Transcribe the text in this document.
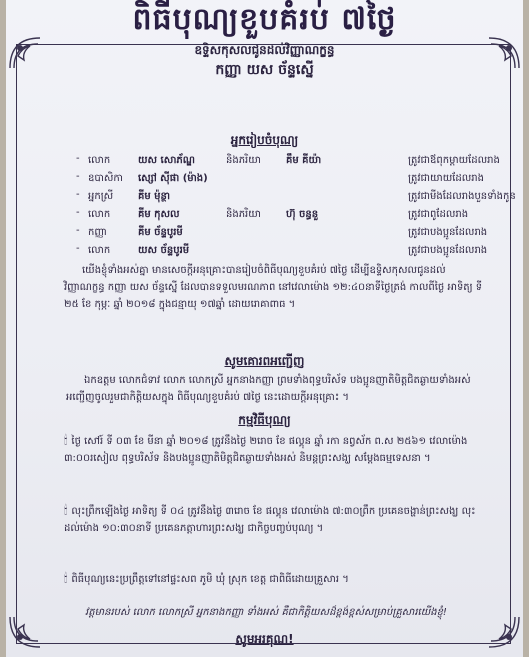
ពិធីបុណ្យខួបគំរប់ ៧ថ្ងៃ
ឧទ្ទិសកុសលជូនដល់វិញ្ញាណក្ខន្ធ
កញ្ញា យស ច័ន្ទស្នើ
អ្នករៀបចំបុណ្យ
- លោក	យស សោភ័ណ្ឌ	និងភរិយា	គឹម គីយ៉ា	ត្រូវជាឪពុកម្តាយដែលរាង
- ឧបាសិកា ស្សៅ ស៊ីផា (ម៉ាង)	ត្រូវជាយាយដែលរាង
- អ្នកស្រី គីម ម៉ុន្ថា	ត្រូវជាមីងដែលរាងបួនទាំងកូន
- លោក	គីម កុសល	និងភរិយា	ហ៊ុ ចន្ធនួ	ត្រូវជាពូដែលរាង
- កញ្ញា	គីម ច័ន្ទបូរមី	ត្រូវជាបងប្អូនដែលរាង
- លោក	យស ច័ន្ទបូរមី	ត្រូវជាបងប្អូនដែលរាង
យើងខ្ញុំទាំងអស់គ្នា មានសេចក្តីអនុគ្រោះបានរៀបចំពិធីបុណ្យខួបគំរប់ ៧ថ្ងៃ ដើម្បីឧទ្ទិសកុសលជូនដល់វិញ្ញាណក្ខន្ធ កញ្ញា យស ច័ន្ទស្នើ ដែលបានទទួលមរណភាព នៅវេលាម៉ោង ១២:៤០នាទីថ្ងៃត្រង់ កាលពីថ្ងៃ អាទិត្យ ទី ២៥ ខែ កុម្ភៈ ឆ្នាំ ២០១៨ ក្នុងជន្មាយុ ១៧ឆ្នាំ ដោយរោគាពាធ ។
សូមគោរពអញ្ជើញ
ឯកឧត្តម លោកជំទាវ លោក លោកស្រី អ្នកនាងកញ្ញា ព្រមទាំងពុទ្ធបរិស័ទ បងប្អូនញាតិមិត្តជិតឆ្ងាយទាំងអស់ អញ្ជើញចូលរួមជាកិត្តិយសក្នុង ពិធីបុណ្យខួបគំរប់ ៧ថ្ងៃ នេះដោយក្តីអនុគ្រោះ ។
កម្មវិធីបុណ្យ
🕯 ថ្ងៃ សៅរ៍ ទី ០៣ ខែ មីនា ឆ្នាំ ២០១៨ ត្រូវនឹងថ្ងៃ ២រោច ខែ ផល្គុន ឆ្នាំ រកា នព្វស័ក ព.ស ២៥៦១ វេលាម៉ោង ៣:០០រសៀល ពុទ្ធបរិស័ទ និងបងប្អូនញាតិមិត្តជិតឆ្ងាយទាំងអស់ និមន្តព្រះសង្ឃ សម្តែងធម្មទេសនា ។
🕯 លុះព្រឹកឡើងថ្ងៃ អាទិត្យ ទី ០៤ ត្រូវនឹងថ្ងៃ ៣រោច ខែ ផល្គុន វេលាម៉ោង ៧:៣០ព្រឹក ប្រគេនចង្ហាន់ព្រះសង្ឃ លុះដល់ម៉ោង ១០:៣០នាទី ប្រគេនភត្តាហារព្រះសង្ឃ ជាកិច្ចបញ្ចប់បុណ្យ ។
🕯 ពិធីបុណ្យនេះប្រព្រឹត្តទៅនៅផ្ទះសព ភូមិ ឃុំ ស្រុក ខេត្ត ជាពិធីដោយគ្រួសារ ។
វត្តមានរបស់ លោក លោកស្រី អ្នកនាងកញ្ញា ទាំងអស់ គឺជាកិត្តិយសដ៏ខ្ពង់ខ្ពស់សម្រាប់គ្រួសារយើងខ្ញុំ!
សូមអរគុណ!
